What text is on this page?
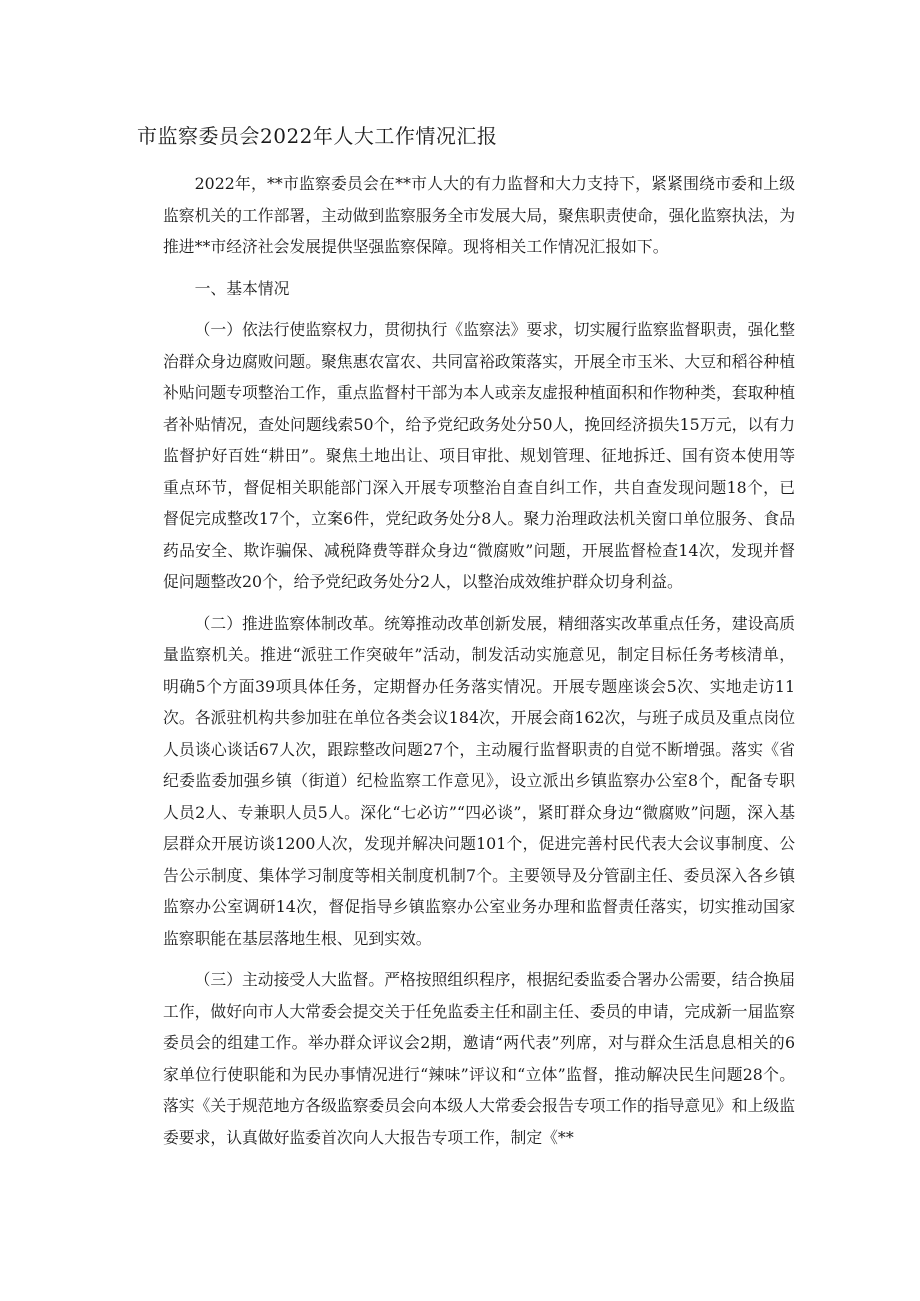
市监察委员会2022年人大工作情况汇报

2022年，**市监察委员会在**市人大的有力监督和大力支持下，紧紧围绕市委和上级监察机关的工作部署，主动做到监察服务全市发展大局，聚焦职责使命，强化监察执法，为推进**市经济社会发展提供坚强监察保障。现将相关工作情况汇报如下。

一、基本情况

（一）依法行使监察权力，贯彻执行《监察法》要求，切实履行监察监督职责，强化整治群众身边腐败问题。聚焦惠农富农、共同富裕政策落实，开展全市玉米、大豆和稻谷种植补贴问题专项整治工作，重点监督村干部为本人或亲友虚报种植面积和作物种类，套取种植者补贴情况，查处问题线索50个，给予党纪政务处分50人，挽回经济损失15万元，以有力监督护好百姓“耕田”。聚焦土地出让、项目审批、规划管理、征地拆迁、国有资本使用等重点环节，督促相关职能部门深入开展专项整治自查自纠工作，共自查发现问题18个，已督促完成整改17个，立案6件，党纪政务处分8人。聚力治理政法机关窗口单位服务、食品药品安全、欺诈骗保、减税降费等群众身边“微腐败”问题，开展监督检查14次，发现并督促问题整改20个，给予党纪政务处分2人，以整治成效维护群众切身利益。

（二）推进监察体制改革。统筹推动改革创新发展，精细落实改革重点任务，建设高质量监察机关。推进“派驻工作突破年”活动，制发活动实施意见，制定目标任务考核清单，明确5个方面39项具体任务，定期督办任务落实情况。开展专题座谈会5次、实地走访11次。各派驻机构共参加驻在单位各类会议184次，开展会商162次，与班子成员及重点岗位人员谈心谈话67人次，跟踪整改问题27个，主动履行监督职责的自觉不断增强。落实《省纪委监委加强乡镇（街道）纪检监察工作意见》，设立派出乡镇监察办公室8个，配备专职人员2人、专兼职人员5人。深化“七必访”“四必谈”，紧盯群众身边“微腐败”问题，深入基层群众开展访谈1200人次，发现并解决问题101个，促进完善村民代表大会议事制度、公告公示制度、集体学习制度等相关制度机制7个。主要领导及分管副主任、委员深入各乡镇监察办公室调研14次，督促指导乡镇监察办公室业务办理和监督责任落实，切实推动国家监察职能在基层落地生根、见到实效。

（三）主动接受人大监督。严格按照组织程序，根据纪委监委合署办公需要，结合换届工作，做好向市人大常委会提交关于任免监委主任和副主任、委员的申请，完成新一届监察委员会的组建工作。举办群众评议会2期，邀请“两代表”列席，对与群众生活息息相关的6家单位行使职能和为民办事情况进行“辣味”评议和“立体”监督，推动解决民生问题28个。落实《关于规范地方各级监察委员会向本级人大常委会报告专项工作的指导意见》和上级监委要求，认真做好监委首次向人大报告专项工作，制定《**
